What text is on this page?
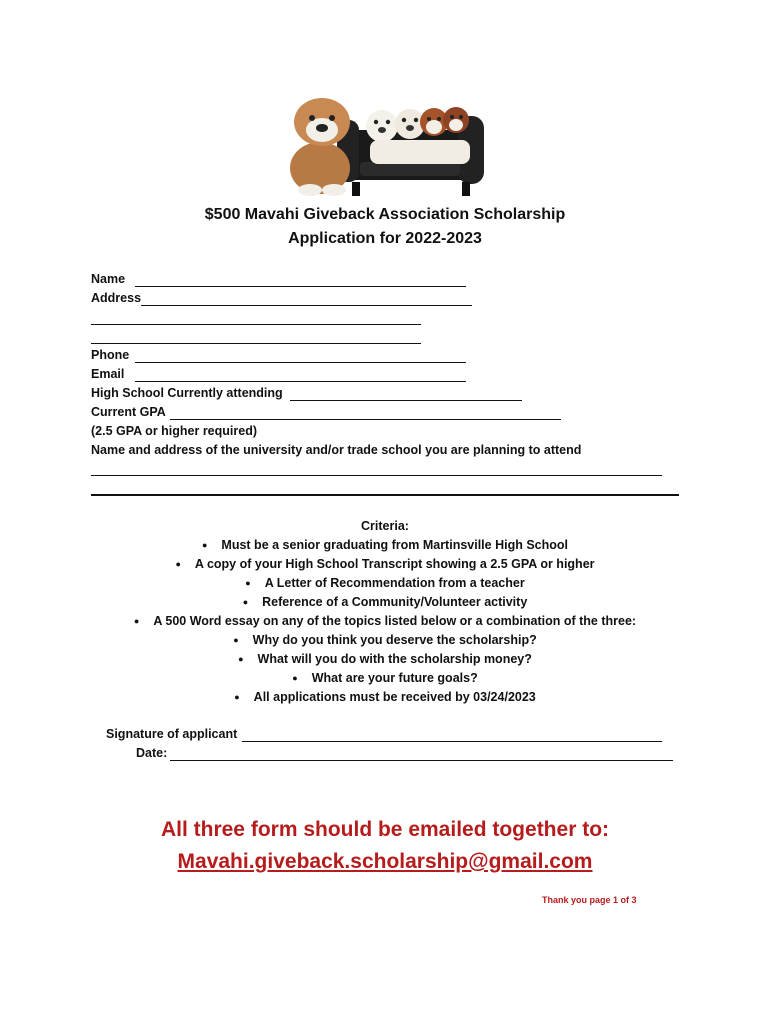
$500 Mavahi Giveback Association Scholarship
Application for 2022-2023
Name
Address
Phone
Email
High School Currently attending
Current GPA
(2.5 GPA or higher required)
Name and address of the university and/or trade school you are planning to attend
Criteria:
● Must be a senior graduating from Martinsville High School
● A copy of your High School Transcript showing a 2.5 GPA or higher
● A Letter of Recommendation from a teacher
● Reference of a Community/Volunteer activity
● A 500 Word essay on any of the topics listed below or a combination of the three:
● Why do you think you deserve the scholarship?
● What will you do with the scholarship money?
● What are your future goals?
● All applications must be received by 03/24/2023
Signature of applicant
Date:
All three form should be emailed together to:
Mavahi.giveback.scholarship@gmail.com
Thank you page 1 of 3
